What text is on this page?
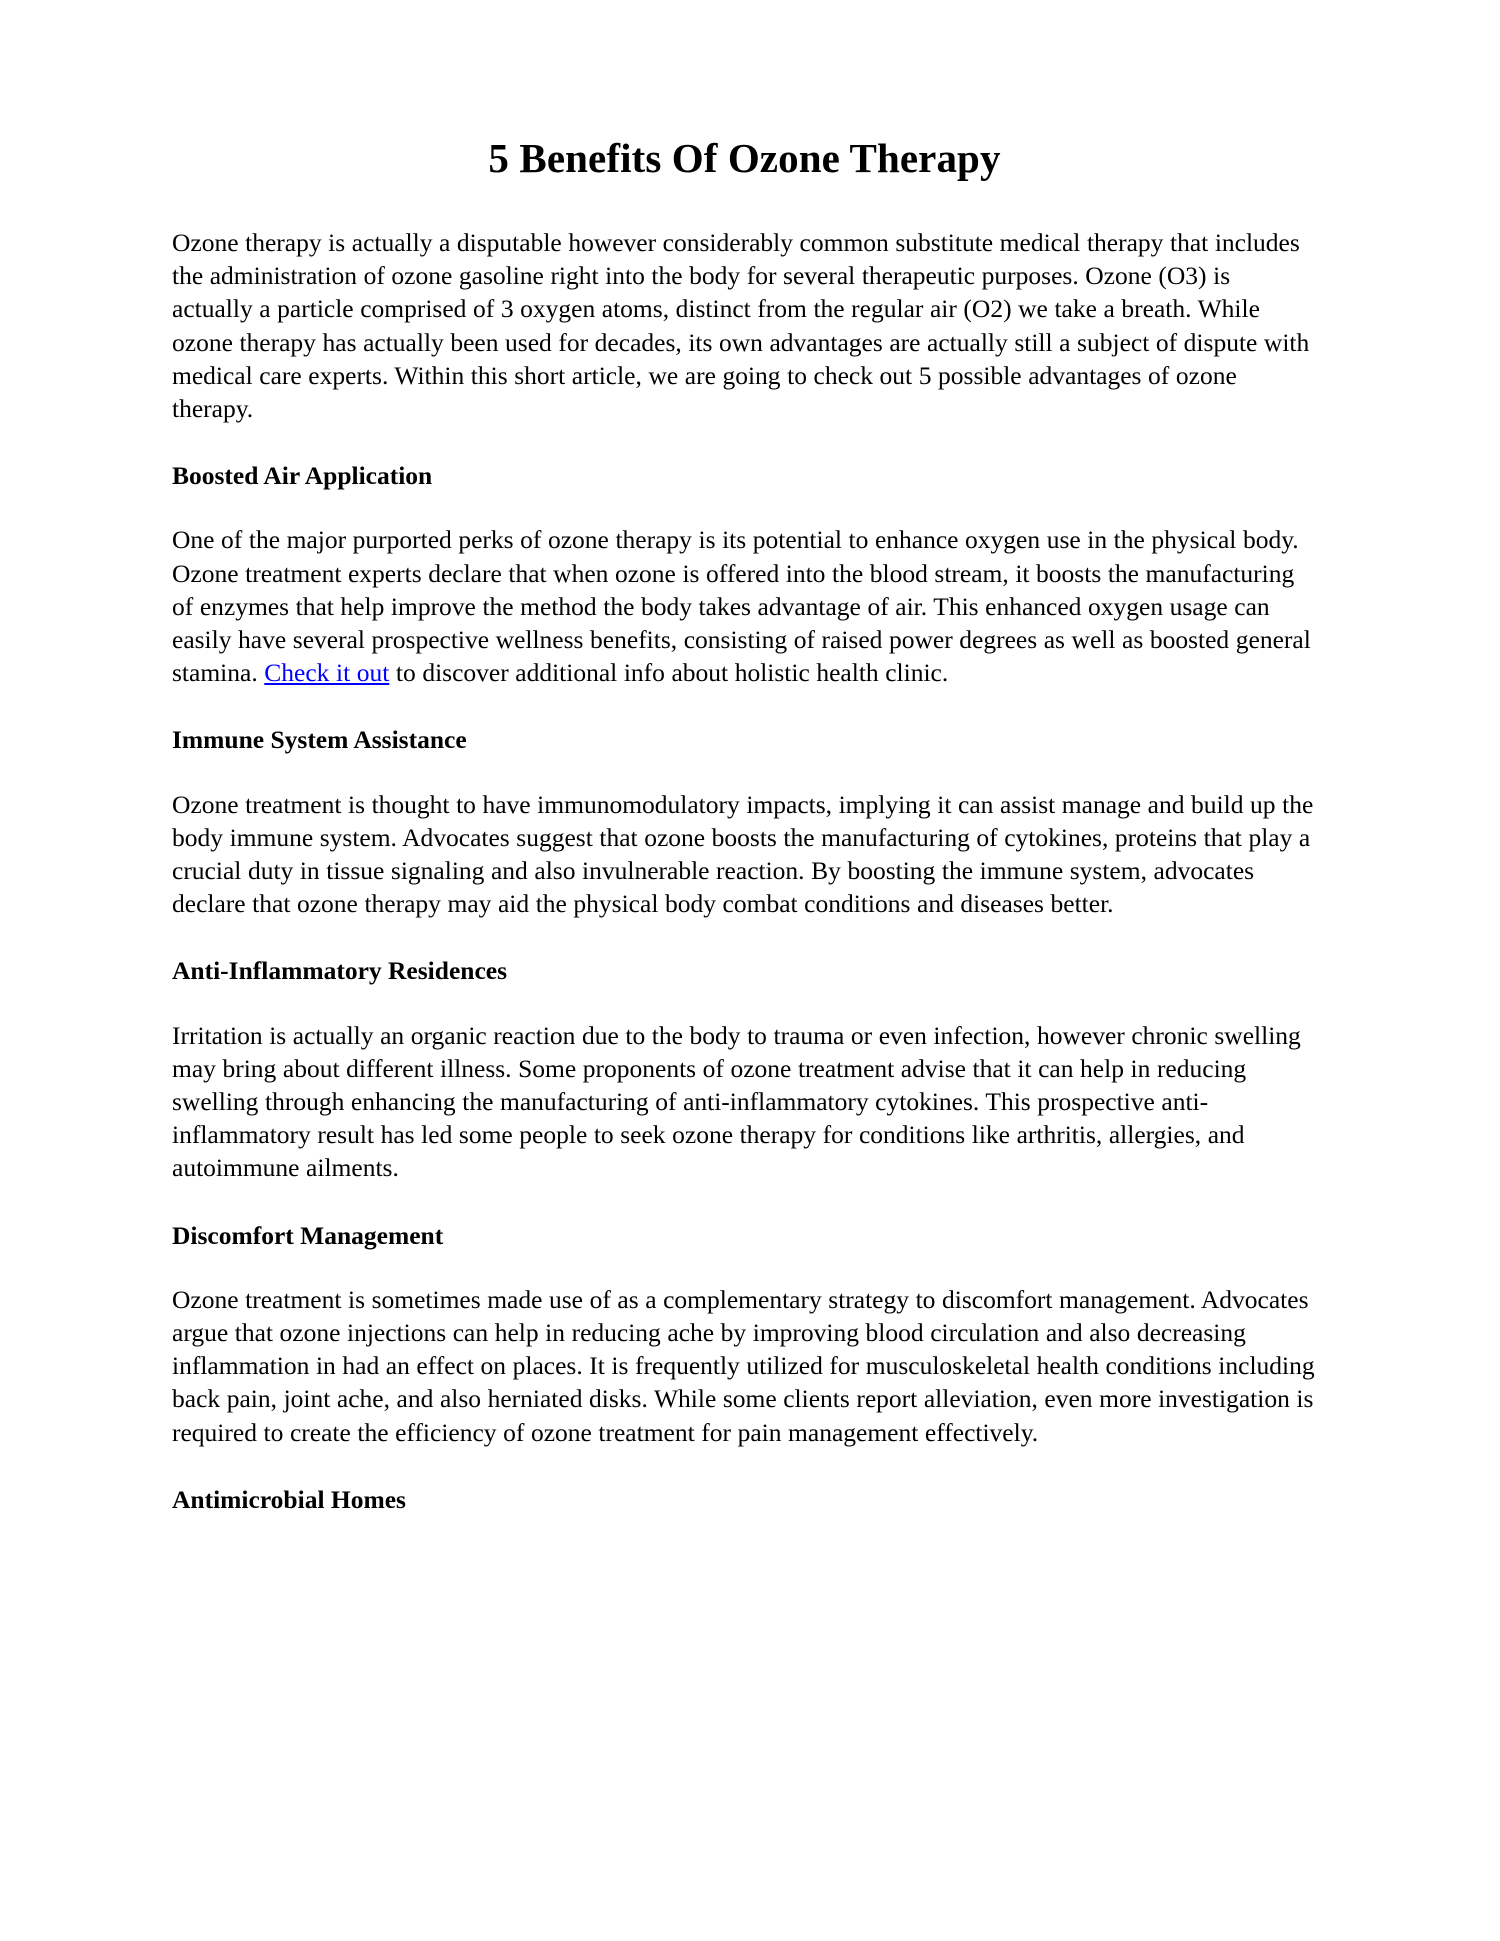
5 Benefits Of Ozone Therapy

Ozone therapy is actually a disputable however considerably common substitute medical therapy that includes the administration of ozone gasoline right into the body for several therapeutic purposes. Ozone (O3) is actually a particle comprised of 3 oxygen atoms, distinct from the regular air (O2) we take a breath. While ozone therapy has actually been used for decades, its own advantages are actually still a subject of dispute with medical care experts. Within this short article, we are going to check out 5 possible advantages of ozone therapy.

Boosted Air Application

One of the major purported perks of ozone therapy is its potential to enhance oxygen use in the physical body. Ozone treatment experts declare that when ozone is offered into the blood stream, it boosts the manufacturing of enzymes that help improve the method the body takes advantage of air. This enhanced oxygen usage can easily have several prospective wellness benefits, consisting of raised power degrees as well as boosted general stamina. Check it out to discover additional info about holistic health clinic.

Immune System Assistance

Ozone treatment is thought to have immunomodulatory impacts, implying it can assist manage and build up the body immune system. Advocates suggest that ozone boosts the manufacturing of cytokines, proteins that play a crucial duty in tissue signaling and also invulnerable reaction. By boosting the immune system, advocates declare that ozone therapy may aid the physical body combat conditions and diseases better.

Anti-Inflammatory Residences

Irritation is actually an organic reaction due to the body to trauma or even infection, however chronic swelling may bring about different illness. Some proponents of ozone treatment advise that it can help in reducing swelling through enhancing the manufacturing of anti-inflammatory cytokines. This prospective anti-inflammatory result has led some people to seek ozone therapy for conditions like arthritis, allergies, and autoimmune ailments.

Discomfort Management

Ozone treatment is sometimes made use of as a complementary strategy to discomfort management. Advocates argue that ozone injections can help in reducing ache by improving blood circulation and also decreasing inflammation in had an effect on places. It is frequently utilized for musculoskeletal health conditions including back pain, joint ache, and also herniated disks. While some clients report alleviation, even more investigation is required to create the efficiency of ozone treatment for pain management effectively.

Antimicrobial Homes
